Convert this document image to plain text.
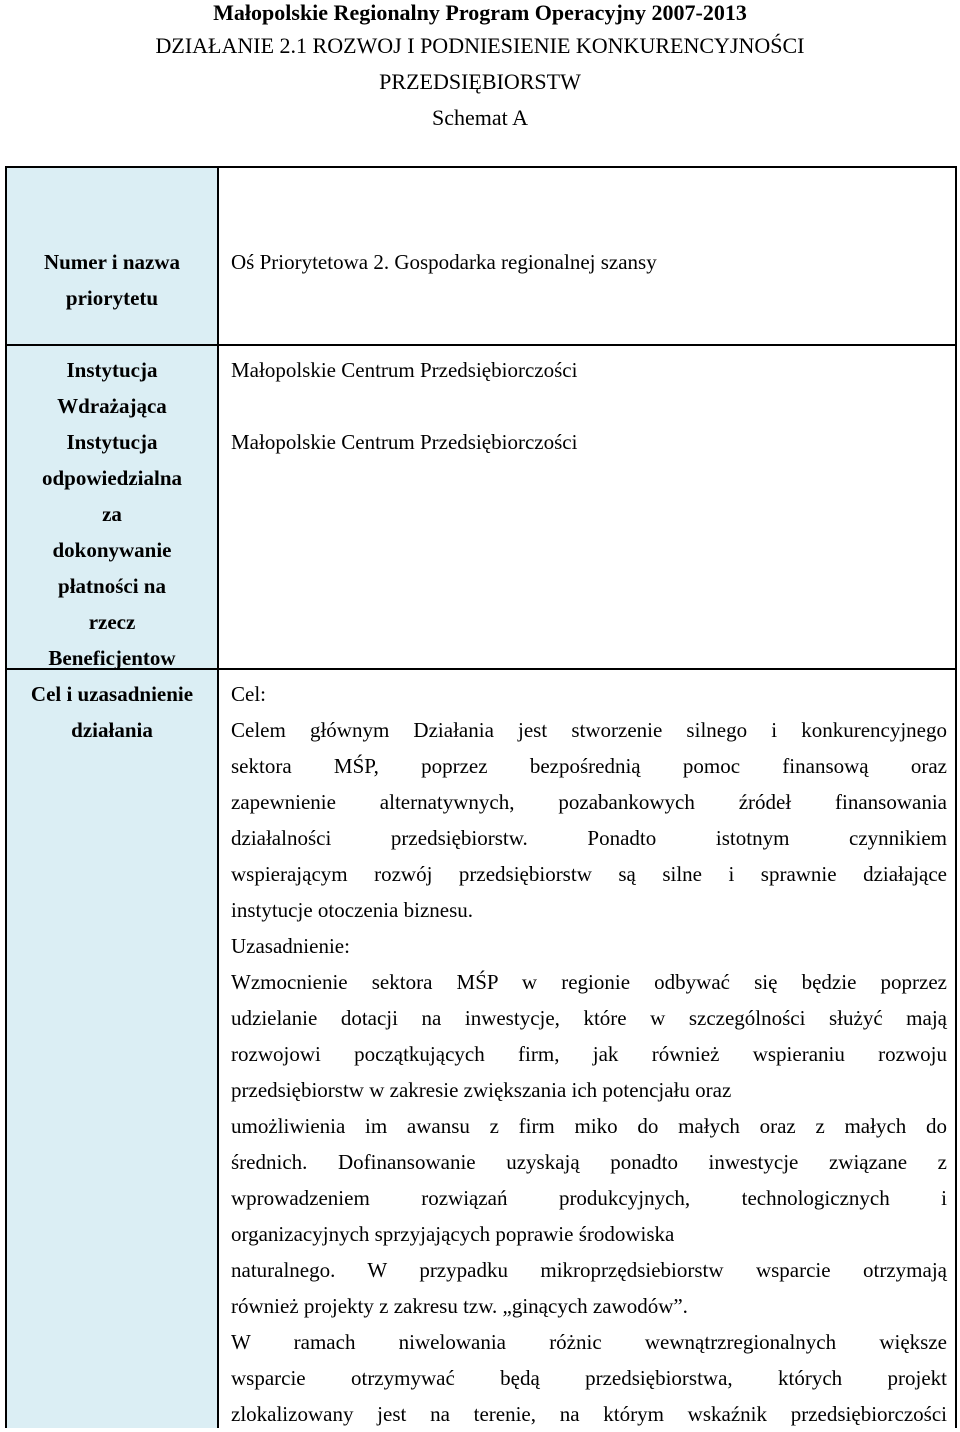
Małopolskie Regionalny Program Operacyjny 2007-2013
DZIAŁANIE 2.1 ROZWOJ I PODNIESIENIE KONKURENCYJNOŚCI
PRZEDSIĘBIORSTW
Schemat A
Numer i nazwa
priorytetu
Oś Priorytetowa 2. Gospodarka regionalnej szansy
Instytucja
Wdrażająca
Małopolskie Centrum Przedsiębiorczości
Instytucja
odpowiedzialna
za
dokonywanie
płatności na
rzecz
Beneficjentow
Małopolskie Centrum Przedsiębiorczości
Cel i uzasadnienie
działania
Cel:
Celem głównym Działania jest stworzenie silnego i konkurencyjnego
sektora MŚP, poprzez bezpośrednią pomoc finansową oraz
zapewnienie alternatywnych, pozabankowych źródeł finansowania
działalności przedsiębiorstw. Ponadto istotnym czynnikiem
wspierającym rozwój przedsiębiorstw są silne i sprawnie działające
instytucje otoczenia biznesu.
Uzasadnienie:
Wzmocnienie sektora MŚP w regionie odbywać się będzie poprzez
udzielanie dotacji na inwestycje, które w szczególności służyć mają
rozwojowi początkujących firm, jak również wspieraniu rozwoju
przedsiębiorstw w zakresie zwiększania ich potencjału oraz
umożliwienia im awansu z firm miko do małych oraz z małych do
średnich. Dofinansowanie uzyskają ponadto inwestycje związane z
wprowadzeniem rozwiązań produkcyjnych, technologicznych i
organizacyjnych sprzyjających poprawie środowiska
naturalnego. W przypadku mikroprzędsiebiorstw wsparcie otrzymają
również projekty z zakresu tzw. „ginących zawodów”.
W ramach niwelowania różnic wewnątrzregionalnych większe
wsparcie otrzymywać będą przedsiębiorstwa, których projekt
zlokalizowany jest na terenie, na którym wskaźnik przedsiębiorczości
